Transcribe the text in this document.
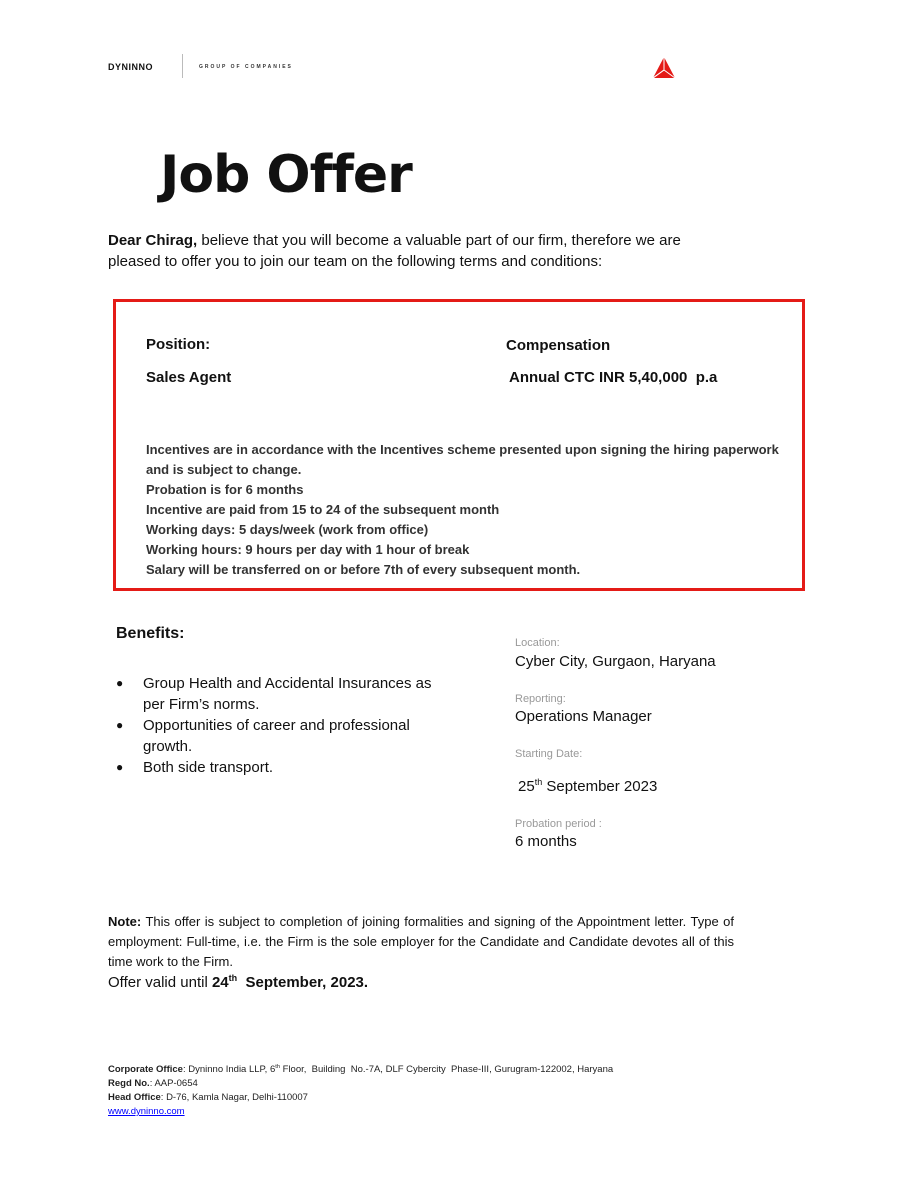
DYNINNO	GROUP OF COMPANIES
Job Offer

Dear Chirag, believe that you will become a valuable part of our firm, therefore we are pleased to offer you to join our team on the following terms and conditions:

Position:
Sales Agent
Compensation
Annual CTC INR 5,40,000  p.a
Incentives are in accordance with the Incentives scheme presented upon signing the hiring paperwork and is subject to change.
Probation is for 6 months
Incentive are paid from 15 to 24 of the subsequent month
Working days: 5 days/week (work from office)
Working hours: 9 hours per day with 1 hour of break
Salary will be transferred on or before 7th of every subsequent month.
Benefits:
● Group Health and Accidental Insurances as per Firm’s norms.
● Opportunities of career and professional growth.
● Both side transport.
Location:
Cyber City, Gurgaon, Haryana
Reporting:
Operations Manager
Starting Date:
25th September 2023
Probation period :
6 months

Note: This offer is subject to completion of joining formalities and signing of the Appointment letter. Type of employment: Full-time, i.e. the Firm is the sole employer for the Candidate and Candidate devotes all of this time work to the Firm.

Offer valid until 24th  September, 2023.
Corporate Office: Dyninno India LLP, 6th Floor,  Building  No.-7A, DLF Cybercity  Phase-III, Gurugram-122002, Haryana
Regd No.: AAP-0654
Head Office: D-76, Kamla Nagar, Delhi-110007
www.dyninno.com
